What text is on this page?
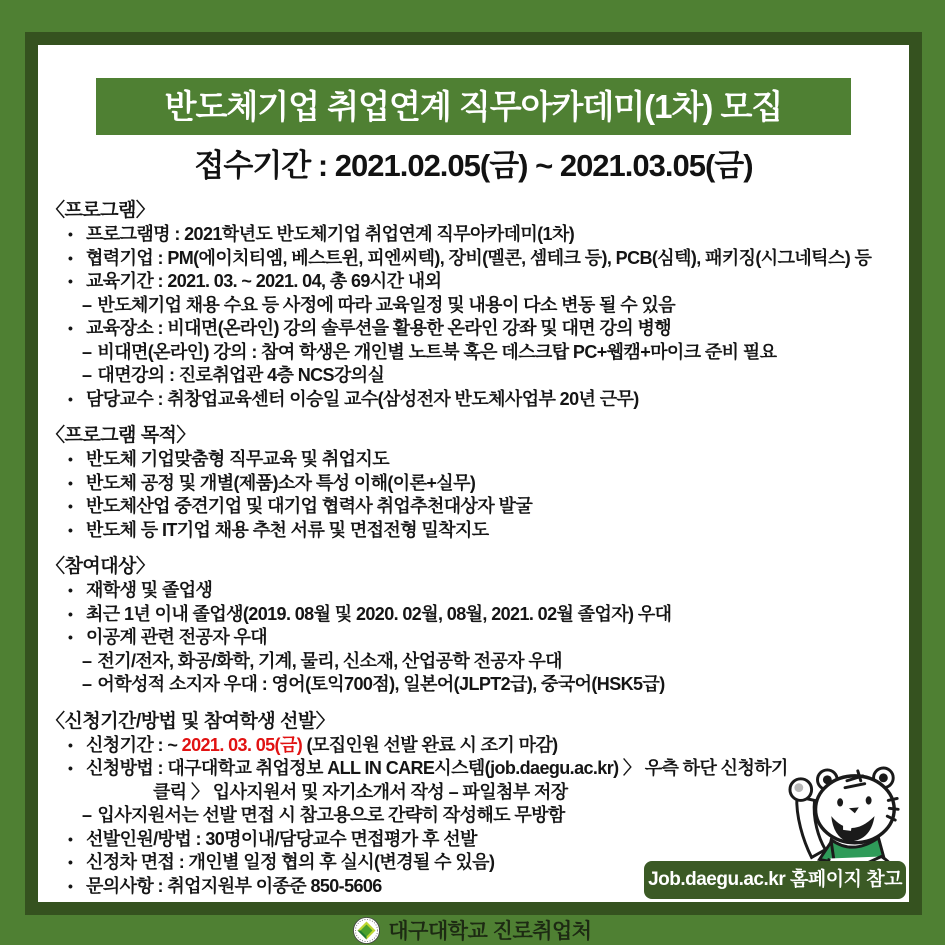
반도체기업 취업연계 직무아카데미(1차) 모집
접수기간 : 2021.02.05(금) ~ 2021.03.05(금)
〈프로그램〉
• 프로그램명 : 2021학년도 반도체기업 취업연계 직무아카데미(1차)
• 협력기업 : PM(에이치티엠, 베스트윈, 피엔씨텍), 장비(멜콘, 셈테크 등), PCB(심텍), 패키징(시그네틱스) 등
• 교육기간 : 2021. 03. ~ 2021. 04, 총 69시간 내외
– 반도체기업 채용 수요 등 사정에 따라 교육일정 및 내용이 다소 변동 될 수 있음
• 교육장소 : 비대면(온라인) 강의 솔루션을 활용한 온라인 강좌 및 대면 강의 병행
– 비대면(온라인) 강의 : 참여 학생은 개인별 노트북 혹은 데스크탑 PC+웹캠+마이크 준비 필요
– 대면강의 : 진로취업관 4층 NCS강의실
• 담당교수 : 취창업교육센터 이승일 교수(삼성전자 반도체사업부 20년 근무)
〈프로그램 목적〉
• 반도체 기업맞춤형 직무교육 및 취업지도
• 반도체 공정 및 개별(제품)소자 특성 이해(이론+실무)
• 반도체산업 중견기업 및 대기업 협력사 취업추천대상자 발굴
• 반도체 등 IT기업 채용 추천 서류 및 면접전형 밀착지도
〈참여대상〉
• 재학생 및 졸업생
• 최근 1년 이내 졸업생(2019. 08월 및 2020. 02월, 08월, 2021. 02월 졸업자) 우대
• 이공계 관련 전공자 우대
– 전기/전자, 화공/화학, 기계, 물리, 신소재, 산업공학 전공자 우대
– 어학성적 소지자 우대 : 영어(토익700점), 일본어(JLPT2급), 중국어(HSK5급)
〈신청기간/방법 및 참여학생 선발〉
• 신청기간 : ~ 2021. 03. 05(금) (모집인원 선발 완료 시 조기 마감)
• 신청방법 : 대구대학교 취업정보 ALL IN CARE시스템(job.daegu.ac.kr) 〉 우측 하단 신청하기
클릭 〉 입사지원서 및 자기소개서 작성 – 파일첨부 저장
– 입사지원서는 선발 면접 시 참고용으로 간략히 작성해도 무방함
• 선발인원/방법 : 30명이내/담당교수 면접평가 후 선발
• 신정차 면접 : 개인별 일정 협의 후 실시(변경될 수 있음)
• 문의사항 : 취업지원부 이종준 850-5606	Job.daegu.ac.kr 홈페이지 참고
대구대학교 진로취업처
